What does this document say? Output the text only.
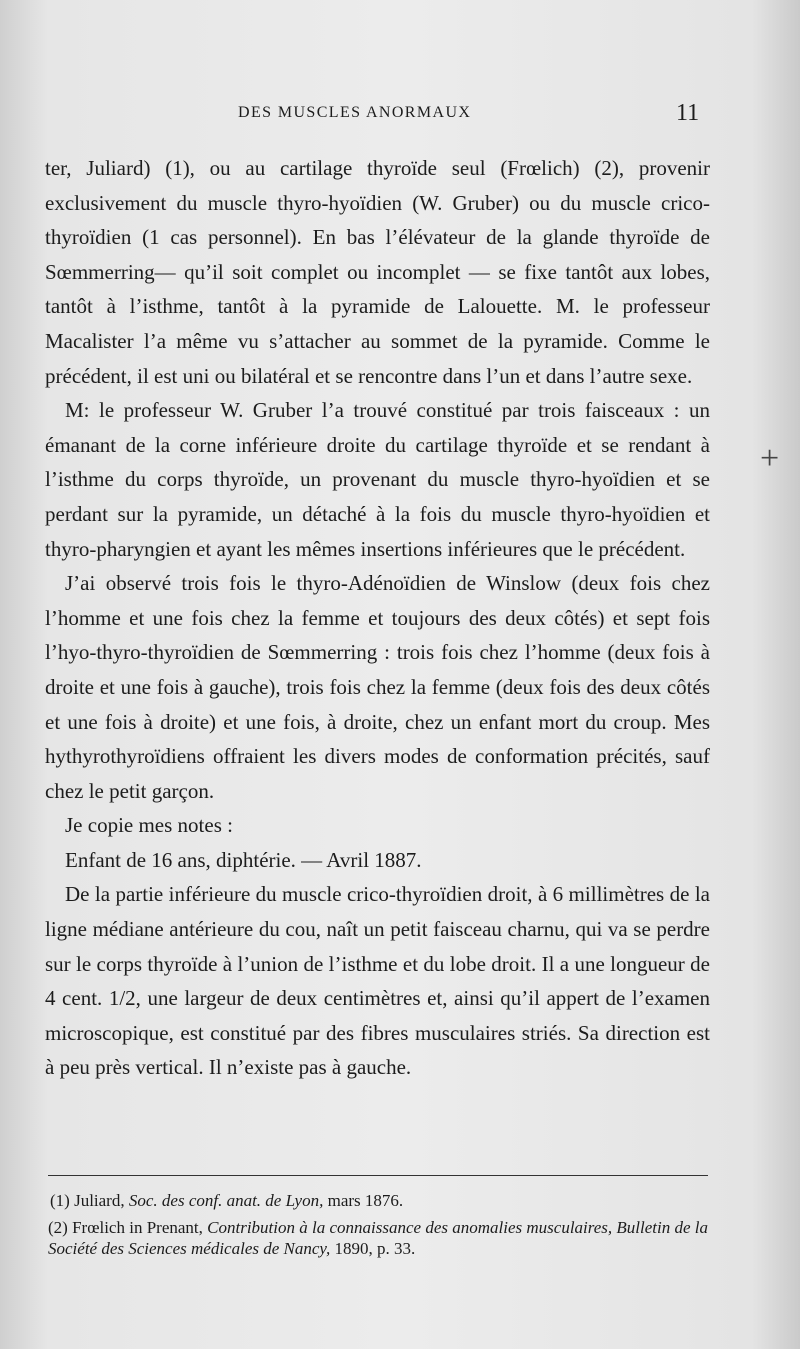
DES MUSCLES ANORMAUX	11

ter, Juliard) (1), ou au cartilage thyroïde seul (Frœlich) (2), provenir exclusivement du muscle thyro-hyoïdien (W. Gruber) ou du muscle crico-thyroïdien (1 cas personnel). En bas l’élévateur de la glande thyroïde de Sœmmerring— qu’il soit complet ou incomplet — se fixe tantôt aux lobes, tantôt à l’isthme, tantôt à la pyramide de Lalouette. M. le professeur Macalister l’a même vu s’attacher au sommet de la pyramide. Comme le précédent, il est uni ou bilatéral et se rencontre dans l’un et dans l’autre sexe.

M: le professeur W. Gruber l’a trouvé constitué par trois faisceaux : un émanant de la corne inférieure droite du cartilage thyroïde et se rendant à l’isthme du corps thyroïde, un provenant du muscle thyro-hyoïdien et se perdant sur la pyramide, un détaché à la fois du muscle thyro-hyoïdien et thyro-pharyngien et ayant les mêmes insertions inférieures que le précédent.

J’ai observé trois fois le thyro-Adénoïdien de Winslow (deux fois chez l’homme et une fois chez la femme et toujours des deux côtés) et sept fois l’hyo-thyro-thyroïdien de Sœmmerring : trois fois chez l’homme (deux fois à droite et une fois à gauche), trois fois chez la femme (deux fois des deux côtés et une fois à droite) et une fois, à droite, chez un enfant mort du croup. Mes hythyrothyroïdiens offraient les divers modes de conformation précités, sauf chez le petit garçon.

Je copie mes notes :

Enfant de 16 ans, diphtérie. — Avril 1887.

De la partie inférieure du muscle crico-thyroïdien droit, à 6 millimètres de la ligne médiane antérieure du cou, naît un petit faisceau charnu, qui va se perdre sur le corps thyroïde à l’union de l’isthme et du lobe droit. Il a une longueur de 4 cent. 1/2, une largeur de deux centimètres et, ainsi qu’il appert de l’examen microscopique, est constitué par des fibres musculaires striés. Sa direction est à peu près vertical. Il n’existe pas à gauche.

+

(1) Juliard, Soc. des conf. anat. de Lyon, mars 1876.

(2) Frœlich in Prenant, Contribution à la connaissance des anomalies musculaires, Bulletin de la Société des Sciences médicales de Nancy, 1890, p. 33.
